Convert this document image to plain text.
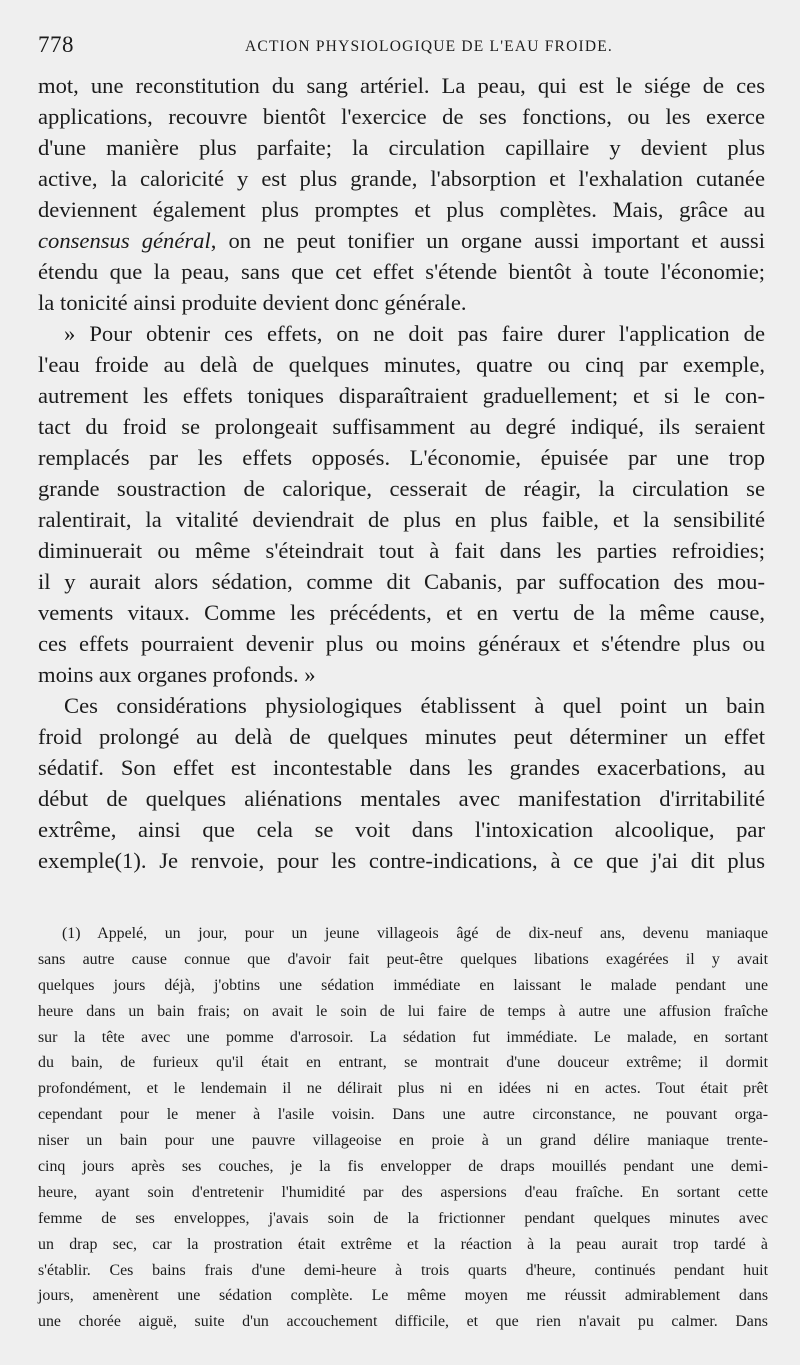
778	ACTION PHYSIOLOGIQUE DE L'EAU FROIDE.
mot, une reconstitution du sang artériel. La peau, qui est le siége de ces
applications, recouvre bientôt l'exercice de ses fonctions, ou les exerce
d'une manière plus parfaite; la circulation capillaire y devient plus
active, la caloricité y est plus grande, l'absorption et l'exhalation cutanée
deviennent également plus promptes et plus complètes. Mais, grâce au
consensus général, on ne peut tonifier un organe aussi important et aussi
étendu que la peau, sans que cet effet s'étende bientôt à toute l'économie;
la tonicité ainsi produite devient donc générale.
» Pour obtenir ces effets, on ne doit pas faire durer l'application de
l'eau froide au delà de quelques minutes, quatre ou cinq par exemple,
autrement les effets toniques disparaîtraient graduellement; et si le con-
tact du froid se prolongeait suffisamment au degré indiqué, ils seraient
remplacés par les effets opposés. L'économie, épuisée par une trop
grande soustraction de calorique, cesserait de réagir, la circulation se
ralentirait, la vitalité deviendrait de plus en plus faible, et la sensibilité
diminuerait ou même s'éteindrait tout à fait dans les parties refroidies;
il y aurait alors sédation, comme dit Cabanis, par suffocation des mou-
vements vitaux. Comme les précédents, et en vertu de la même cause,
ces effets pourraient devenir plus ou moins généraux et s'étendre plus ou
moins aux organes profonds. »
Ces considérations physiologiques établissent à quel point un bain
froid prolongé au delà de quelques minutes peut déterminer un effet
sédatif. Son effet est incontestable dans les grandes exacerbations, au
début de quelques aliénations mentales avec manifestation d'irritabilité
extrême, ainsi que cela se voit dans l'intoxication alcoolique, par
exemple(1). Je renvoie, pour les contre-indications, à ce que j'ai dit plus
(1) Appelé, un jour, pour un jeune villageois âgé de dix-neuf ans, devenu maniaque
sans autre cause connue que d'avoir fait peut-être quelques libations exagérées il y avait
quelques jours déjà, j'obtins une sédation immédiate en laissant le malade pendant une
heure dans un bain frais; on avait le soin de lui faire de temps à autre une affusion fraîche
sur la tête avec une pomme d'arrosoir. La sédation fut immédiate. Le malade, en sortant
du bain, de furieux qu'il était en entrant, se montrait d'une douceur extrême; il dormit
profondément, et le lendemain il ne délirait plus ni en idées ni en actes. Tout était prêt
cependant pour le mener à l'asile voisin. Dans une autre circonstance, ne pouvant orga-
niser un bain pour une pauvre villageoise en proie à un grand délire maniaque trente-
cinq jours après ses couches, je la fis envelopper de draps mouillés pendant une demi-
heure, ayant soin d'entretenir l'humidité par des aspersions d'eau fraîche. En sortant cette
femme de ses enveloppes, j'avais soin de la frictionner pendant quelques minutes avec
un drap sec, car la prostration était extrême et la réaction à la peau aurait trop tardé à
s'établir. Ces bains frais d'une demi-heure à trois quarts d'heure, continués pendant huit
jours, amenèrent une sédation complète. Le même moyen me réussit admirablement dans
une chorée aiguë, suite d'un accouchement difficile, et que rien n'avait pu calmer. Dans
